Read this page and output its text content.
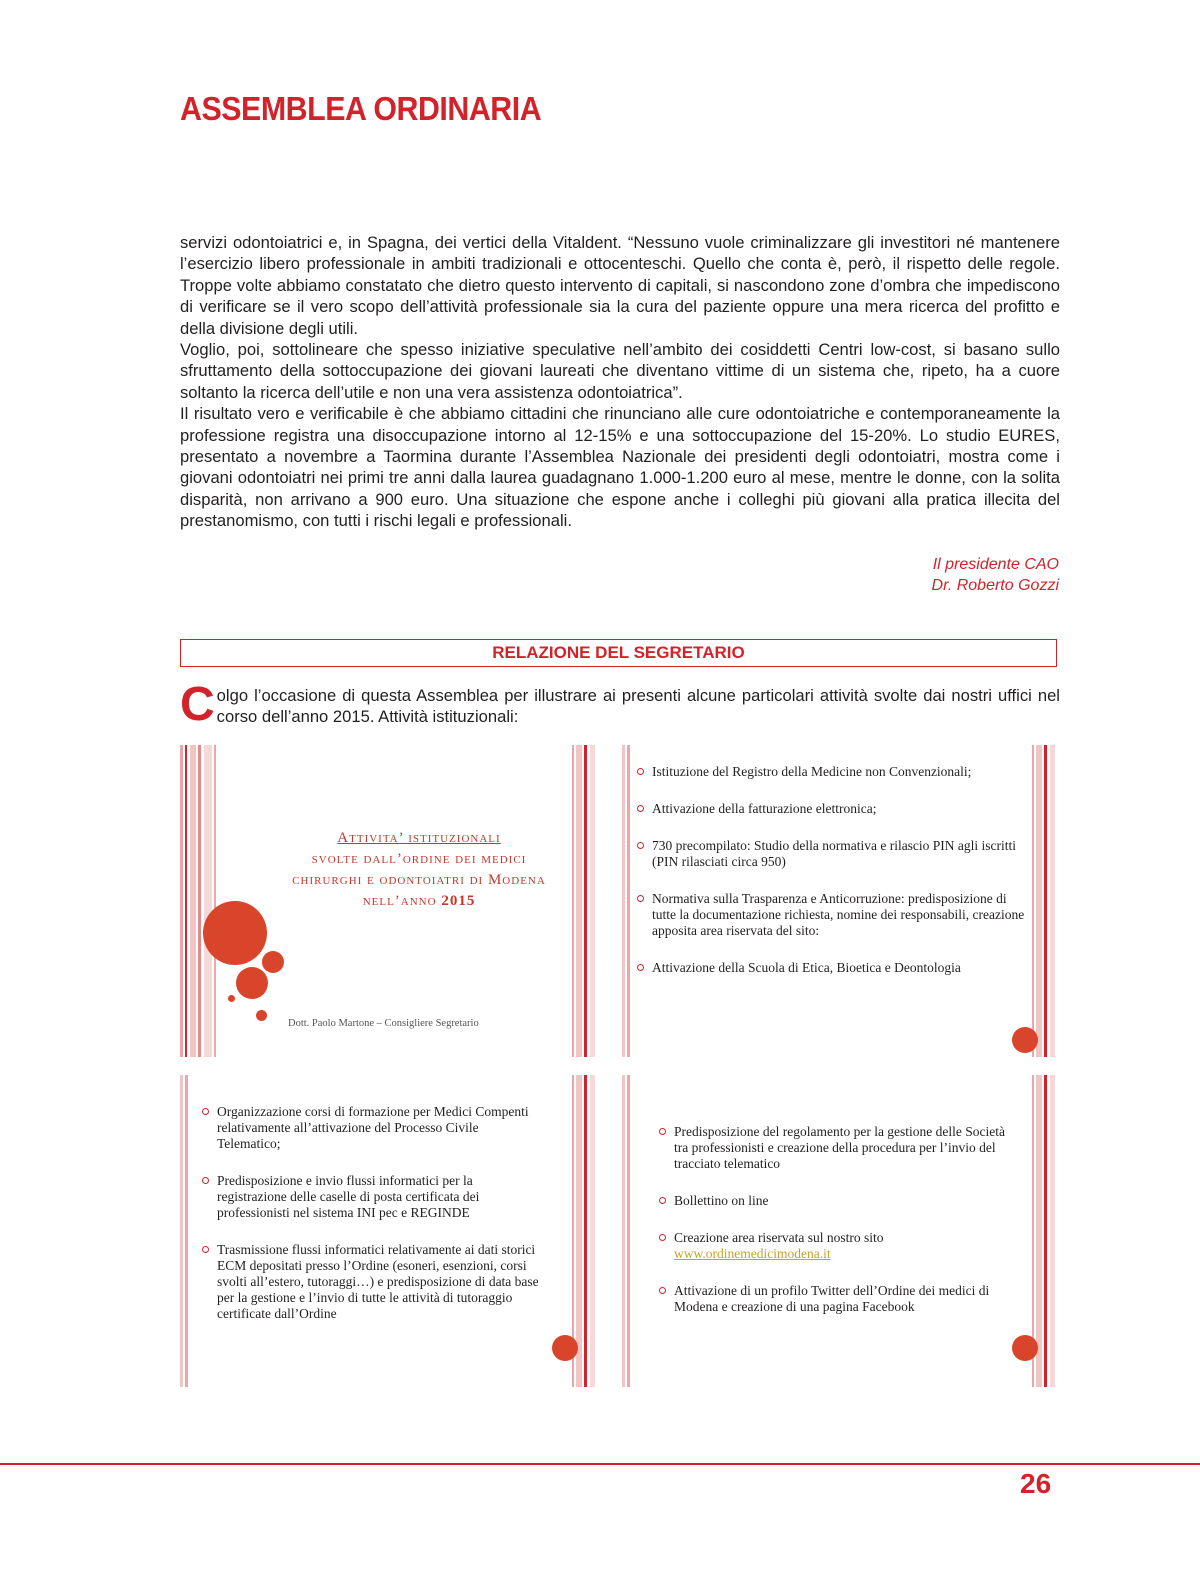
ASSEMBLEA ORDINARIA

servizi odontoiatrici e, in Spagna, dei vertici della Vitaldent. “Nessuno vuole criminalizzare gli investitori né mantenere l’esercizio libero professionale in ambiti tradizionali e ottocenteschi. Quello che conta è, però, il rispetto delle regole. Troppe volte abbiamo constatato che dietro questo intervento di capitali, si nascondono zone d’ombra che impediscono di verificare se il vero scopo dell’attività professionale sia la cura del paziente oppure una mera ricerca del profitto e della divisione degli utili.

Voglio, poi, sottolineare che spesso iniziative speculative nell’ambito dei cosiddetti Centri low-cost, si basano sullo sfruttamento della sottoccupazione dei giovani laureati che diventano vittime di un sistema che, ripeto, ha a cuore soltanto la ricerca dell’utile e non una vera assistenza odontoiatrica”.

Il risultato vero e verificabile è che abbiamo cittadini che rinunciano alle cure odontoiatriche e contemporaneamente la professione registra una disoccupazione intorno al 12-15% e una sottoccupazione del 15-20%. Lo studio EURES, presentato a novembre a Taormina durante l’Assemblea Nazionale dei presidenti degli odontoiatri, mostra come i giovani odontoiatri nei primi tre anni dalla laurea guadagnano 1.000-1.200 euro al mese, mentre le donne, con la solita disparità, non arrivano a 900 euro. Una situazione che espone anche i colleghi più giovani alla pratica illecita del prestanomismo, con tutti i rischi legali e professionali.

Il presidente CAO
Dr. Roberto Gozzi
RELAZIONE DEL SEGRETARIO
Colgo l’occasione di questa Assemblea per illustrare ai presenti alcune particolari attività svolte dai nostri uffici nel corso dell’anno 2015. Attività istituzionali:
Attivita’ istituzionali
svolte dall’ordine dei medici chirurghi e odontoiatri di Modena nell’anno 2015
Dott. Paolo Martone – Consigliere Segretario
Istituzione del Registro della Medicine non Convenzionali;
Attivazione della fatturazione elettronica;
730 precompilato: Studio della normativa e rilascio PIN agli iscritti (PIN rilasciati circa 950)
Normativa sulla Trasparenza e Anticorruzione: predisposizione di tutte la documentazione richiesta, nomine dei responsabili, creazione apposita area riservata del sito:
Attivazione della Scuola di Etica, Bioetica e Deontologia
Organizzazione corsi di formazione per Medici Compenti relativamente all’attivazione del Processo Civile Telematico;
Predisposizione e invio flussi informatici per la registrazione delle caselle di posta certificata dei professionisti nel sistema INI pec e REGINDE
Trasmissione flussi informatici relativamente ai dati storici ECM depositati presso l’Ordine (esoneri, esenzioni, corsi svolti all’estero, tutoraggi…) e predisposizione di data base per la gestione e l’invio di tutte le attività di tutoraggio certificate dall’Ordine
Predisposizione del regolamento per la gestione delle Società tra professionisti e creazione della procedura per l’invio del tracciato telematico
Bollettino on line
Creazione area riservata sul nostro sito
www.ordinemedicimodena.it
Attivazione di un profilo Twitter dell’Ordine dei medici di Modena e creazione di una pagina Facebook
26
